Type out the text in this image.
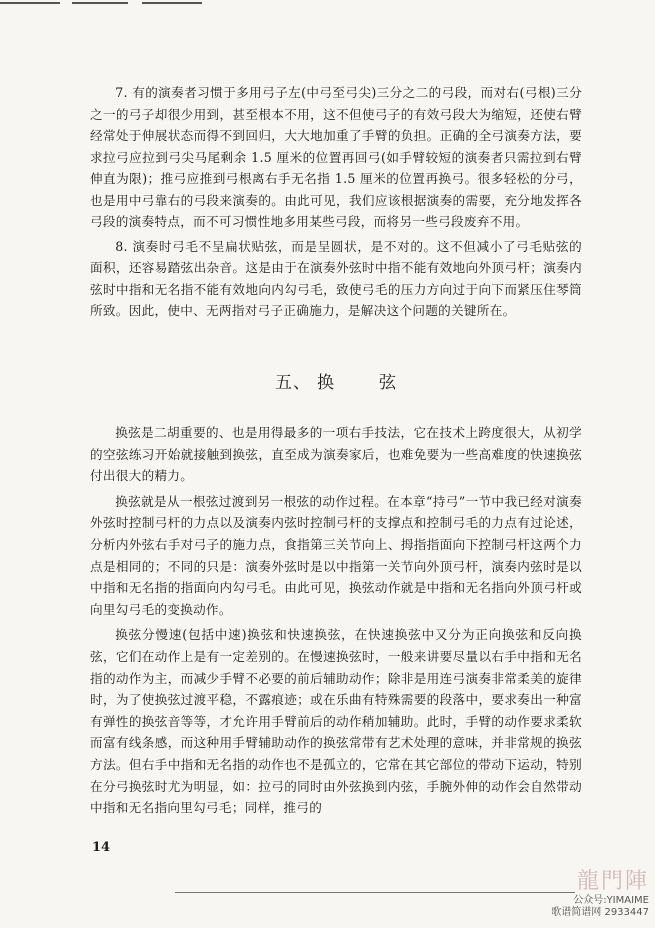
7. 有的演奏者习惯于多用弓子左(中弓至弓尖)三分之二的弓段，而对右(弓根)三分之一的弓子却很少用到，甚至根本不用，这不但使弓子的有效弓段大为缩短，还使右臂经常处于伸展状态而得不到回归，大大地加重了手臂的负担。正确的全弓演奏方法，要求拉弓应拉到弓尖马尾剩余 1.5 厘米的位置再回弓(如手臂较短的演奏者只需拉到右臂伸直为限)；推弓应推到弓根离右手无名指 1.5 厘米的位置再换弓。很多轻松的分弓，也是用中弓靠右的弓段来演奏的。由此可见，我们应该根据演奏的需要，充分地发挥各弓段的演奏特点，而不可习惯性地多用某些弓段，而将另一些弓段废弃不用。

8. 演奏时弓毛不呈扁状贴弦，而是呈圆状，是不对的。这不但减小了弓毛贴弦的面积，还容易踏弦出杂音。这是由于在演奏外弦时中指不能有效地向外顶弓杆；演奏内弦时中指和无名指不能有效地向内勾弓毛，致使弓毛的压力方向过于向下而紧压住琴筒所致。因此，使中、无两指对弓子正确施力，是解决这个问题的关键所在。

五、 换	弦

换弦是二胡重要的、也是用得最多的一项右手技法，它在技术上跨度很大，从初学的空弦练习开始就接触到换弦，直至成为演奏家后，也难免要为一些高难度的快速换弦付出很大的精力。

换弦就是从一根弦过渡到另一根弦的动作过程。在本章“持弓”一节中我已经对演奏外弦时控制弓杆的力点以及演奏内弦时控制弓杆的支撑点和控制弓毛的力点有过论述，分析内外弦右手对弓子的施力点，食指第三关节向上、拇指指面向下控制弓杆这两个力点是相同的；不同的只是：演奏外弦时是以中指第一关节向外顶弓杆，演奏内弦时是以中指和无名指的指面向内勾弓毛。由此可见，换弦动作就是中指和无名指向外顶弓杆或向里勾弓毛的变换动作。

换弦分慢速(包括中速)换弦和快速换弦，在快速换弦中又分为正向换弦和反向换弦，它们在动作上是有一定差别的。在慢速换弦时，一般来讲要尽量以右手中指和无名指的动作为主，而减少手臂不必要的前后辅助动作；除非是用连弓演奏非常柔美的旋律时，为了使换弦过渡平稳，不露痕迹；或在乐曲有特殊需要的段落中，要求奏出一种富有弹性的换弦音等等，才允许用手臂前后的动作稍加辅助。此时，手臂的动作要求柔软而富有线条感，而这种用手臂辅助动作的换弦常带有艺术处理的意味，并非常规的换弦方法。但右手中指和无名指的动作也不是孤立的，它常在其它部位的带动下运动，特别在分弓换弦时尤为明显，如：拉弓的同时由外弦换到内弦，手腕外伸的动作会自然带动中指和无名指向里勾弓毛；同样，推弓的

14
龍門陣
公众号:YIMAIME
歌谱简谱网 2933447
